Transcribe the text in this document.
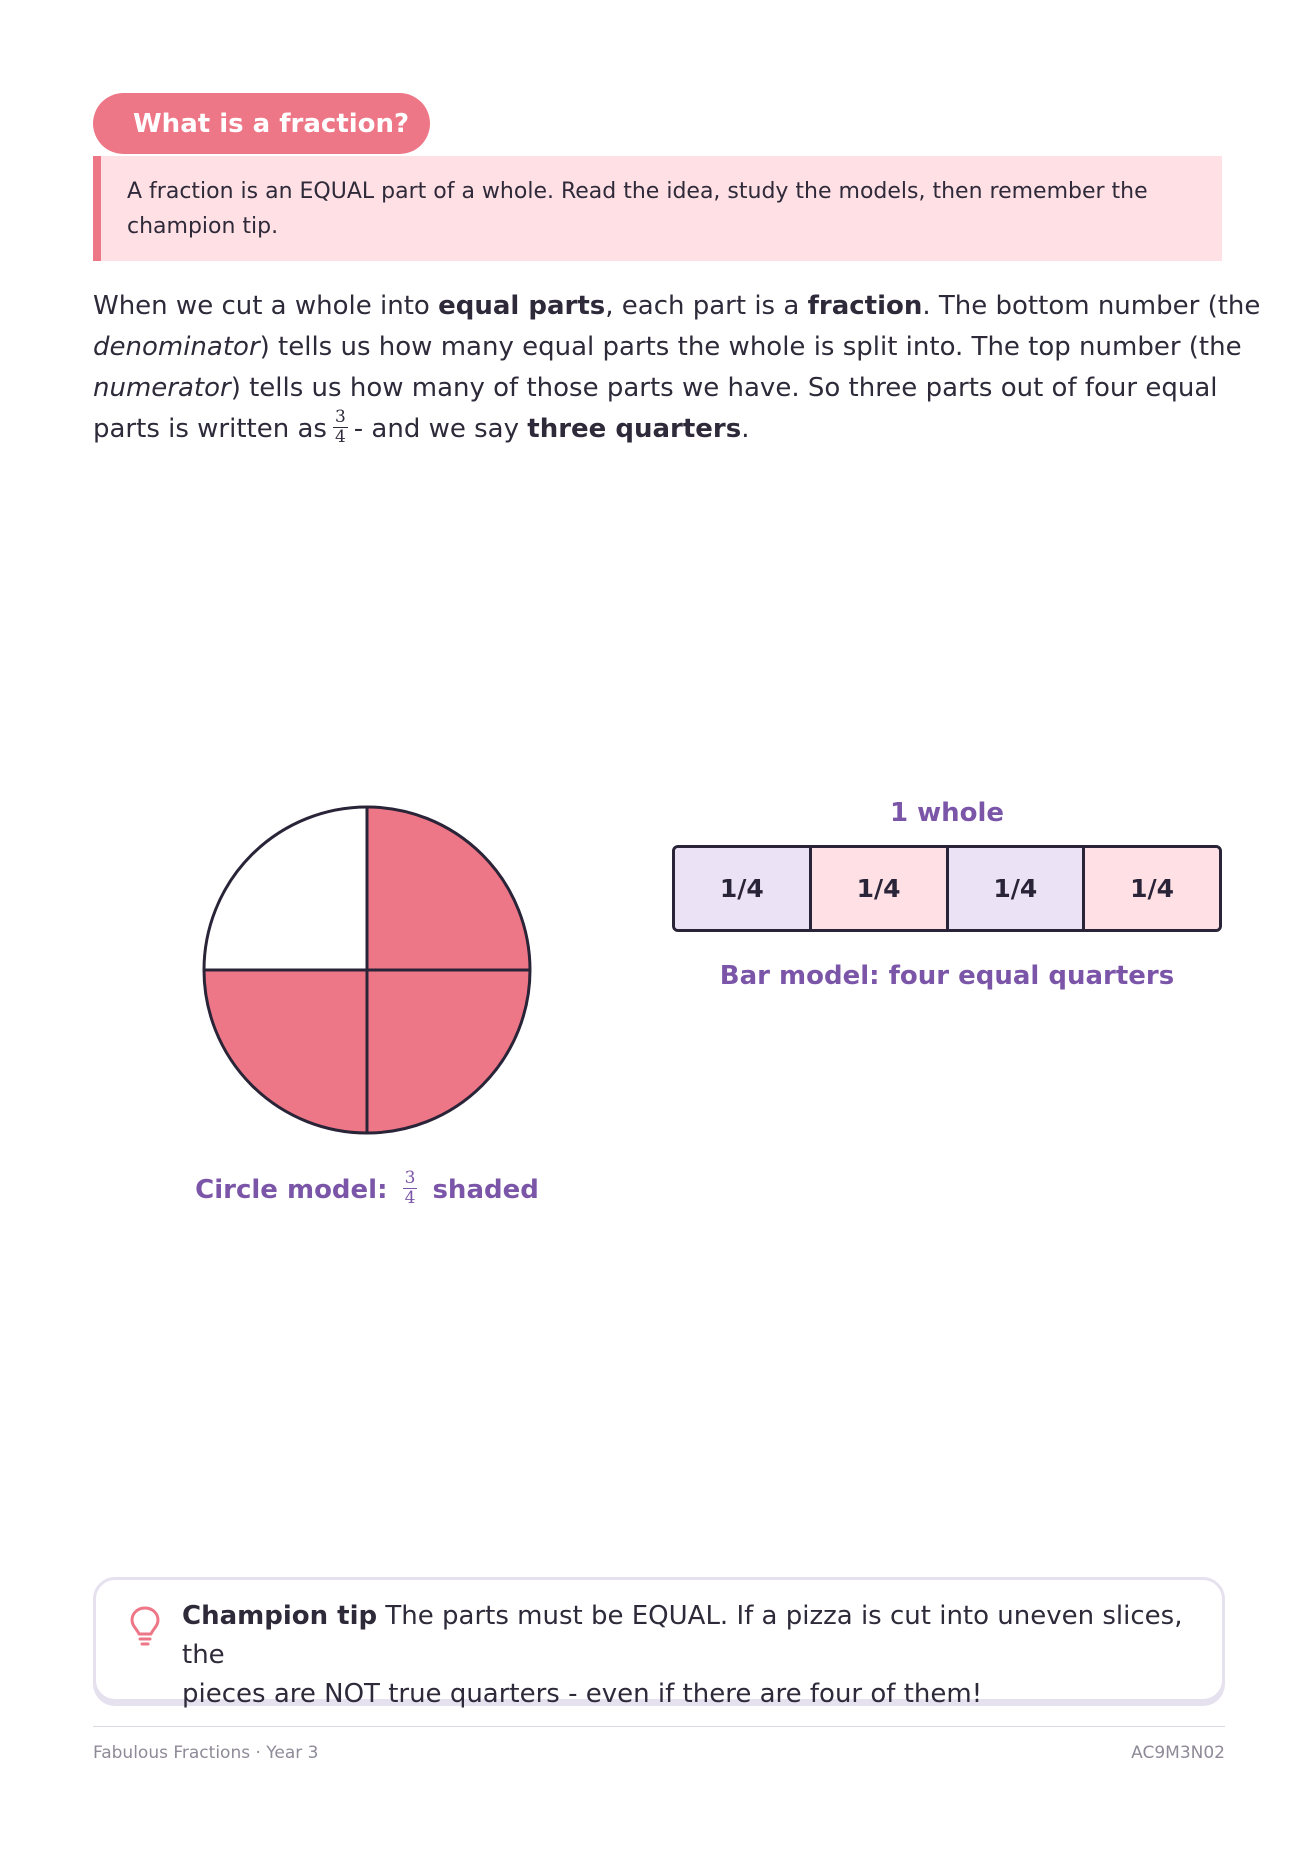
What is a fraction?
A fraction is an EQUAL part of a whole. Read the idea, study the models, then remember the champion tip.
When we cut a whole into equal parts, each part is a fraction. The bottom number (the
denominator) tells us how many equal parts the whole is split into. The top number (the
numerator) tells us how many of those parts we have. So three parts out of four equal
parts is written as $\frac{3}{4}$ - and we say three quarters.
Circle model: $\frac{3}{4}$ shaded
1 whole
1/4	1/4	1/4	1/4
Bar model: four equal quarters
Champion tip The parts must be EQUAL. If a pizza is cut into uneven slices, the
pieces are NOT true quarters - even if there are four of them!
Fabulous Fractions · Year 3	AC9M3N02
